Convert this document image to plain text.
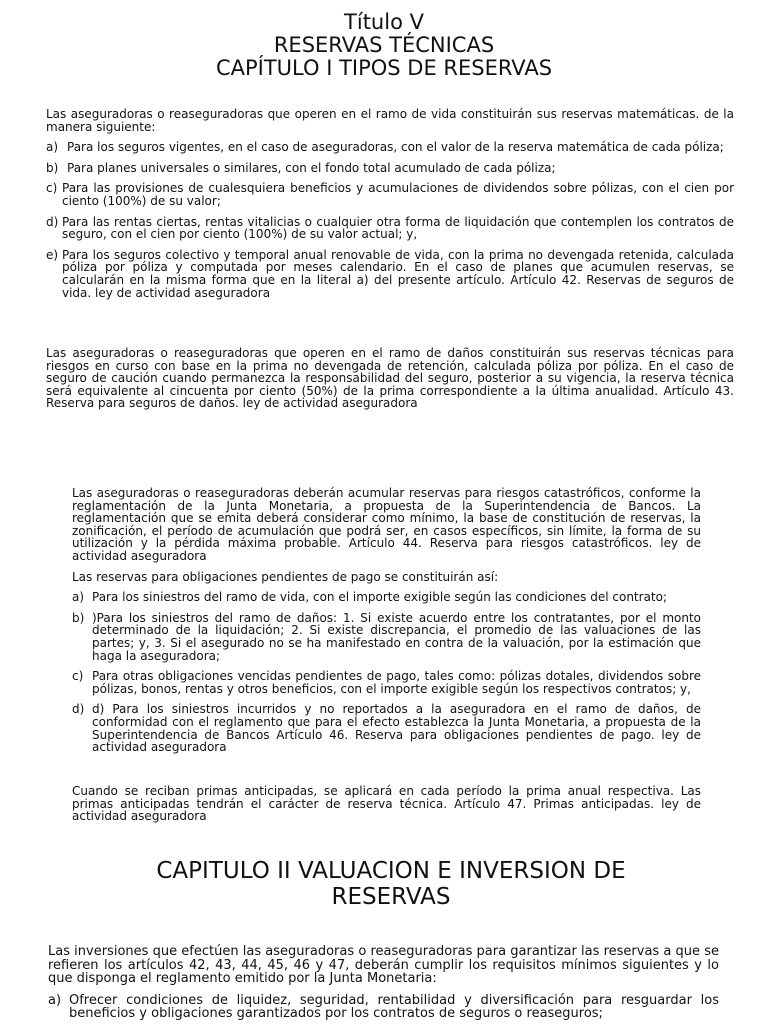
Título V
RESERVAS TÉCNICAS
CAPÍTULO I TIPOS DE RESERVAS

Las aseguradoras o reaseguradoras que operen en el ramo de vida constituirán sus reservas matemáticas. de la manera siguiente:

a) Para los seguros vigentes, en el caso de aseguradoras, con el valor de la reserva matemática de cada póliza;
b) Para planes universales o similares, con el fondo total acumulado de cada póliza;
c) Para las provisiones de cualesquiera beneficios y acumulaciones de dividendos sobre pólizas, con el cien por ciento (100%) de su valor;
d) Para las rentas ciertas, rentas vitalicias o cualquier otra forma de liquidación que contemplen los contratos de seguro, con el cien por ciento (100%) de su valor actual; y,
e) Para los seguros colectivo y temporal anual renovable de vida, con la prima no devengada retenida, calculada póliza por póliza y computada por meses calendario. En el caso de planes que acumulen reservas, se calcularán en la misma forma que en la literal a) del presente artículo. Artículo 42. Reservas de seguros de vida. ley de actividad aseguradora

Las aseguradoras o reaseguradoras que operen en el ramo de daños constituirán sus reservas técnicas para riesgos en curso con base en la prima no devengada de retención, calculada póliza por póliza. En el caso de seguro de caución cuando permanezca la responsabilidad del seguro, posterior a su vigencia, la reserva técnica será equivalente al cincuenta por ciento (50%) de la prima correspondiente a la última anualidad. Artículo 43. Reserva para seguros de daños. ley de actividad aseguradora

Las aseguradoras o reaseguradoras deberán acumular reservas para riesgos catastróficos, conforme la reglamentación de la Junta Monetaria, a propuesta de la Superintendencia de Bancos. La reglamentación que se emita deberá considerar como mínimo, la base de constitución de reservas, la zonificación, el período de acumulación que podrá ser, en casos específicos, sin límite, la forma de su utilización y la pérdida máxima probable. Artículo 44. Reserva para riesgos catastróficos. ley de actividad aseguradora

Las reservas para obligaciones pendientes de pago se constituirán así:

a) Para los siniestros del ramo de vida, con el importe exigible según las condiciones del contrato;
b) )Para los siniestros del ramo de daños: 1. Si existe acuerdo entre los contratantes, por el monto determinado de la liquidación; 2. Si existe discrepancia, el promedio de las valuaciones de las partes; y, 3. Si el asegurado no se ha manifestado en contra de la valuación, por la estimación que haga la aseguradora;
c) Para otras obligaciones vencidas pendientes de pago, tales como: pólizas dotales, dividendos sobre pólizas, bonos, rentas y otros beneficios, con el importe exigible según los respectivos contratos; y,
d) d) Para los siniestros incurridos y no reportados a la aseguradora en el ramo de daños, de conformidad con el reglamento que para el efecto establezca la Junta Monetaria, a propuesta de la Superintendencia de Bancos Artículo 46. Reserva para obligaciones pendientes de pago. ley de actividad aseguradora

Cuando se reciban primas anticipadas, se aplicará en cada período la prima anual respectiva. Las primas anticipadas tendrán el carácter de reserva técnica. Artículo 47. Primas anticipadas. ley de actividad aseguradora

CAPITULO II VALUACION E INVERSION DE
RESERVAS

Las inversiones que efectúen las aseguradoras o reaseguradoras para garantizar las reservas a que se refieren los artículos 42, 43, 44, 45, 46 y 47, deberán cumplir los requisitos mínimos siguientes y lo que disponga el reglamento emitido por la Junta Monetaria:

a) Ofrecer condiciones de liquidez, seguridad, rentabilidad y diversificación para resguardar los beneficios y obligaciones garantizados por los contratos de seguros o reaseguros;
